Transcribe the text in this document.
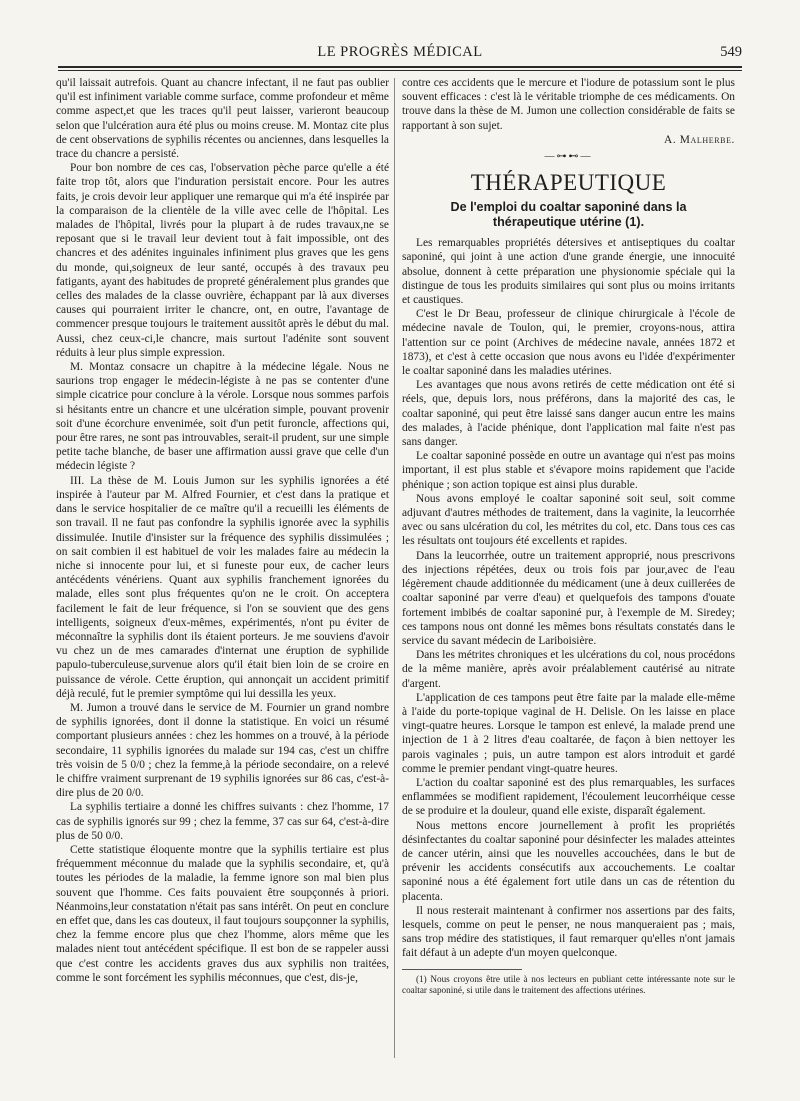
LE PROGRÈS MÉDICAL	549

qu'il laissait autrefois. Quant au chancre infectant, il ne faut pas oublier qu'il est infiniment variable comme surface, comme profondeur et même comme aspect,et que les traces qu'il peut laisser, varieront beaucoup selon que l'ulcération aura été plus ou moins creuse. M. Montaz cite plus de cent observations de syphilis récentes ou anciennes, dans lesquelles la trace du chancre a persisté.

Pour bon nombre de ces cas, l'observation pèche parce qu'elle a été faite trop tôt, alors que l'induration persistait encore. Pour les autres faits, je crois devoir leur appliquer une remarque qui m'a été inspirée par la comparaison de la clientèle de la ville avec celle de l'hôpital. Les malades de l'hôpital, livrés pour la plupart à de rudes travaux,ne se reposant que si le travail leur devient tout à fait impossible, ont des chancres et des adénites inguinales infiniment plus graves que les gens du monde, qui,soigneux de leur santé, occupés à des travaux peu fatigants, ayant des habitudes de propreté généralement plus grandes que celles des malades de la classe ouvrière, échappant par là aux diverses causes qui pourraient irriter le chancre, ont, en outre, l'avantage de commencer presque toujours le traitement aussitôt après le début du mal. Aussi, chez ceux-ci,le chancre, mais surtout l'adénite sont souvent réduits à leur plus simple expression.

M. Montaz consacre un chapitre à la médecine légale. Nous ne saurions trop engager le médecin-légiste à ne pas se contenter d'une simple cicatrice pour conclure à la vérole. Lorsque nous sommes parfois si hésitants entre un chancre et une ulcération simple, pouvant provenir soit d'une écorchure envenimée, soit d'un petit furoncle, affections qui, pour être rares, ne sont pas introuvables, serait-il prudent, sur une simple petite tache blanche, de baser une affirmation aussi grave que celle d'un médecin légiste ?

III. La thèse de M. Louis Jumon sur les syphilis ignorées a été inspirée à l'auteur par M. Alfred Fournier, et c'est dans la pratique et dans le service hospitalier de ce maître qu'il a recueilli les éléments de son travail. Il ne faut pas confondre la syphilis ignorée avec la syphilis dissimulée. Inutile d'insister sur la fréquence des syphilis dissimulées ; on sait combien il est habituel de voir les malades faire au médecin la niche si innocente pour lui, et si funeste pour eux, de cacher leurs antécédents vénériens. Quant aux syphilis franchement ignorées du malade, elles sont plus fréquentes qu'on ne le croit. On acceptera facilement le fait de leur fréquence, si l'on se souvient que des gens intelligents, soigneux d'eux-mêmes, expérimentés, n'ont pu éviter de méconnaître la syphilis dont ils étaient porteurs. Je me souviens d'avoir vu chez un de mes camarades d'internat une éruption de syphilide papulo-tuberculeuse,survenue alors qu'il était bien loin de se croire en puissance de vérole. Cette éruption, qui annonçait un accident primitif déjà reculé, fut le premier symptôme qui lui dessilla les yeux.

M. Jumon a trouvé dans le service de M. Fournier un grand nombre de syphilis ignorées, dont il donne la statistique. En voici un résumé comportant plusieurs années : chez les hommes on a trouvé, à la période secondaire, 11 syphilis ignorées du malade sur 194 cas, c'est un chiffre très voisin de 5 0/0 ; chez la femme,à la période secondaire, on a relevé le chiffre vraiment surprenant de 19 syphilis ignorées sur 86 cas, c'est-à-dire plus de 20 0/0.

La syphilis tertiaire a donné les chiffres suivants : chez l'homme, 17 cas de syphilis ignorés sur 99 ; chez la femme, 37 cas sur 64, c'est-à-dire plus de 50 0/0.

Cette statistique éloquente montre que la syphilis tertiaire est plus fréquemment méconnue du malade que la syphilis secondaire, et, qu'à toutes les périodes de la maladie, la femme ignore son mal bien plus souvent que l'homme. Ces faits pouvaient être soupçonnés à priori. Néanmoins,leur constatation n'était pas sans intérêt. On peut en conclure en effet que, dans les cas douteux, il faut toujours soupçonner la syphilis, chez la femme encore plus que chez l'homme, alors même que les malades nient tout antécédent spécifique. Il est bon de se rappeler aussi que c'est contre les accidents graves dus aux syphilis non traitées, comme le sont forcément les syphilis méconnues, que c'est, dis-je,

contre ces accidents que le mercure et l'iodure de potassium sont le plus souvent efficaces : c'est là le véritable triomphe de ces médicaments. On trouve dans la thèse de M. Jumon une collection considérable de faits se rapportant à son sujet.

A. Malherbe.

—⊶⊷—
THÉRAPEUTIQUE
De l'emploi du coaltar saponiné dans la thérapeutique utérine (1).

Les remarquables propriétés détersives et antiseptiques du coaltar saponiné, qui joint à une action d'une grande énergie, une innocuité absolue, donnent à cette préparation une physionomie spéciale qui la distingue de tous les produits similaires qui sont plus ou moins irritants et caustiques.

C'est le Dr Beau, professeur de clinique chirurgicale à l'école de médecine navale de Toulon, qui, le premier, croyons-nous, attira l'attention sur ce point (Archives de médecine navale, années 1872 et 1873), et c'est à cette occasion que nous avons eu l'idée d'expérimenter le coaltar saponiné dans les maladies utérines.

Les avantages que nous avons retirés de cette médication ont été si réels, que, depuis lors, nous préférons, dans la majorité des cas, le coaltar saponiné, qui peut être laissé sans danger aucun entre les mains des malades, à l'acide phénique, dont l'application mal faite n'est pas sans danger.

Le coaltar saponiné possède en outre un avantage qui n'est pas moins important, il est plus stable et s'évapore moins rapidement que l'acide phénique ; son action topique est ainsi plus durable.

Nous avons employé le coaltar saponiné soit seul, soit comme adjuvant d'autres méthodes de traitement, dans la vaginite, la leucorrhée avec ou sans ulcération du col, les métrites du col, etc. Dans tous ces cas les résultats ont toujours été excellents et rapides.

Dans la leucorrhée, outre un traitement approprié, nous prescrivons des injections répétées, deux ou trois fois par jour,avec de l'eau légèrement chaude additionnée du médicament (une à deux cuillerées de coaltar saponiné par verre d'eau) et quelquefois des tampons d'ouate fortement imbibés de coaltar saponiné pur, à l'exemple de M. Siredey; ces tampons nous ont donné les mêmes bons résultats constatés dans le service du savant médecin de Lariboisière.

Dans les métrites chroniques et les ulcérations du col, nous procédons de la même manière, après avoir préalablement cautérisé au nitrate d'argent.

L'application de ces tampons peut être faite par la malade elle-même à l'aide du porte-topique vaginal de H. Delisle. On les laisse en place vingt-quatre heures. Lorsque le tampon est enlevé, la malade prend une injection de 1 à 2 litres d'eau coaltarée, de façon à bien nettoyer les parois vaginales ; puis, un autre tampon est alors introduit et gardé comme le premier pendant vingt-quatre heures.

L'action du coaltar saponiné est des plus remarquables, les surfaces enflammées se modifient rapidement, l'écoulement leucorrhéique cesse de se produire et la douleur, quand elle existe, disparaît également.

Nous mettons encore journellement à profit les propriétés désinfectantes du coaltar saponiné pour désinfecter les malades atteintes de cancer utérin, ainsi que les nouvelles accouchées, dans le but de prévenir les accidents consécutifs aux accouchements. Le coaltar saponiné nous a été également fort utile dans un cas de rétention du placenta.

Il nous resterait maintenant à confirmer nos assertions par des faits, lesquels, comme on peut le penser, ne nous manqueraient pas ; mais, sans trop médire des statistiques, il faut remarquer qu'elles n'ont jamais fait défaut à un adepte d'un moyen quelconque.

(1) Nous croyons être utile à nos lecteurs en publiant cette intéressante note sur le coaltar saponiné, si utile dans le traitement des affections utérines.
